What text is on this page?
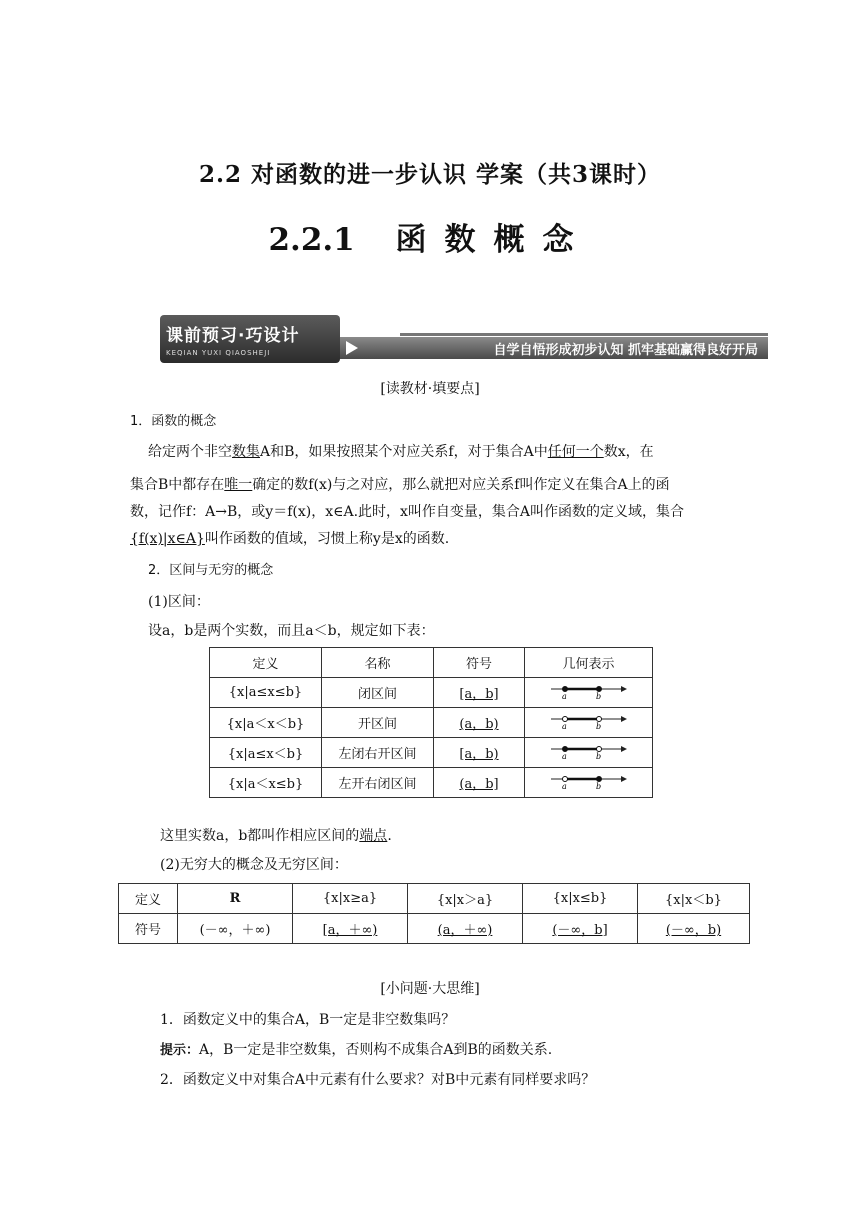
2.2 对函数的进一步认识 学案（共3课时）
2.2.1 函数概念
自学自悟形成初步认知 抓牢基础赢得良好开局
课前预习·巧设计
KEQIAN YUXI QIAOSHEJI
[读教材·填要点]
1．函数的概念
给定两个非空数集A和B，如果按照某个对应关系f，对于集合A中任何一个数x，在
集合B中都存在唯一确定的数f(x)与之对应，那么就把对应关系f叫作定义在集合A上的函
数，记作f：A→B，或y＝f(x)，x∈A.此时，x叫作自变量，集合A叫作函数的定义域，集合
{f(x)|x∈A}叫作函数的值域，习惯上称y是x的函数.
2．区间与无穷的概念
(1)区间：
设a，b是两个实数，而且a＜b，规定如下表：
定义	名称	符号	几何表示
{x|a≤x≤b}	闭区间	[a，b]	a b

{x|a＜x＜b}	开区间	(a，b)	a b

{x|a≤x＜b}	左闭右开区间	[a，b)	a b

{x|a＜x≤b}	左开右闭区间	(a，b]	a b
这里实数a，b都叫作相应区间的端点.
(2)无穷大的概念及无穷区间：
定义	R	{x|x≥a}	{x|x＞a}	{x|x≤b}	{x|x＜b}
符号	(－∞，＋∞)	[a，＋∞)	(a，＋∞)	(－∞，b]	(－∞，b)
[小问题·大思维]
1．函数定义中的集合A，B一定是非空数集吗？
提示：A，B一定是非空数集，否则构不成集合A到B的函数关系.
2．函数定义中对集合A中元素有什么要求？对B中元素有同样要求吗？
